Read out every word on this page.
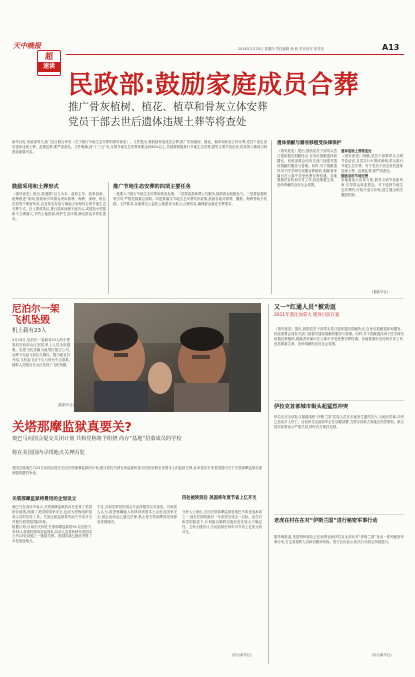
天中晚报
超
速读
2016年2月25日 星期四 责任编辑 杨 帆 责任校对 张亮亮	A13
民政部:鼓励家庭成员合葬
推广骨灰植树、植花、植草和骨灰立体安葬
党员干部去世后遗体违规土葬等将查处

新华社电 民政部等九部门近日联合印发《关于推行节地生态安葬的指导意见》。文件提出,要鼓励家庭成员合葬,推广骨灰植树、植花、植草和骨灰立体安葬;党员干部去世后遗体违规土葬、乱埋乱葬,要严肃查处。文件明确,到“十三五”末,全国节地生态安葬率要达到40%以上,各地要积极推行节地生态安葬,倡导文明节俭治丧,将其纳入精神文明建设重要内容。

鼓励采用和土葬形式

《指导意见》指出,要遵循“以人为本、政府主导、改革创新、统筹推进”原则,鼓励和引导群众采用树葬、海葬、深埋、格位存放等不保留骨灰,以及骨灰存放与墓地占用相结合的节地生态安葬方式。在土葬改革区,推行遗体深埋不留坟头,或建造小型墓和不立碑墓穴,节约土地资源,保护生态环境,满足群众多样化需求。

推广节地生态安葬的四项主要任务

一是要大力推行节地生态安葬和骨灰处理。二是要改善殡葬公共服务,鼓励群众积极参与。三是要加强规划引导,严格控制墓位面积。四是要落实节地生态安葬奖补政策,鼓励各地对树葬、撒散、海葬等给予奖励。文件要求,各地要以公益性公墓建设为重点,合理布局,确保群众就近安葬需求。

遗体捐献与器官移植受法律保护

《指导意见》提出,鼓励党员干部带头签订遗体器官捐献协议,在身后捐献遗体和器官。民政部要会同有关部门加强对遗体捐献的服务与管理。同时,对于捐献遗体用于医学研究和器官移植的,捐献者家属可在公墓中享受免费安葬待遇。各地要做好宣传和引导工作,营造尊重生命、崇尚奉献的良好社会氛围。

遗体违规土葬将查处

《指导意见》明确,党员干部要带头文明节俭治丧,自觉实行火葬或深埋,带头推行节地生态安葬。对于党员干部去世后遗体违规土葬、乱埋乱葬,要严肃查处。

鼓励采用节地安葬

各地要加大宣传力度,倡导文明节俭新风尚,引导群众转变观念。对于选择节地生态安葬的,可给予适当补贴,建立健全相关激励机制。

(据新华社)
尼泊尔一架飞机坠毁
机上载有23人

3月24日,尼泊尔一架载有23人的小型客机在西部山区坠毁,机上人员全部遇难。坠毁飞机隶属当地塔拉航空公司,从博卡拉起飞前往久姆拉。据当地官员介绍,飞机起飞后不久与塔台失去联系,搜救人员随后在山区发现了飞机残骸。

(据新华社)
关塔那摩监狱真要关?
奥巴马向国会提交关闭计划 共和党称将予阻挠 尚存“基地”招募成员的学校
将在美国国内寻找地点关押囚犯

美国总统奥巴马23日向国会提交关闭关塔那摩监狱的计划,建议将仍关押在该监狱的部分囚犯转移至美国本土的监狱关押,此举再次引发美国国内关于关塔那摩监狱存废问题的激烈争论。

关塔那摩监狱将费用的企划设立

奥巴马在讲话中表示,关塔那摩监狱的存在违背了美国的价值观,削弱了美国的国家安全,也成为恐怖组织招募人员的宣传工具。关闭这座监狱将有助于节省开支并提升美国的国际形象。

根据计划,目前仍关押在关塔那摩监狱的91名囚犯中,有35人将被转移到其他国家,其余人员将转移至美国本土约13处设施之一继续关押。美国防部已就此考察了多处备选地点。

不过,共和党掌控的国会对此持强烈反对意见。共和党人认为,将恐怖嫌疑人转移到美国本土会危及国家安全,国会此前也已通过法律,禁止将关塔那摩囚犯转移至美国境内。

四处被转到后 美国将年度节省上亿开支

分析人士指出,关闭关塔那摩监狱是奥巴马的竞选承诺之一,他在任期的最后一年希望完成这一目标。但在共和党的阻挠下,计划能否顺利实施仍存在较大不确定性。五角大楼估计,关闭监狱后每年可节省上亿美元的开支。

(综合新华社)
又一“红通人员”被劝返
2011年逃往加拿大 埋身目前在案

《指导意见》提出,鼓励党员干部带头签订遗体器官捐献协议,在身后捐献遗体和器官。民政部要会同有关部门加强对遗体捐献的服务与管理。同时,对于捐献遗体用于医学研究和器官移植的,捐献者家属可在公墓中享受免费安葬待遇。各地要做好宣传和引导工作,营造尊重生命、崇尚奉献的良好社会氛围。

伊拉克首部城市街头起猛烈冲突

伊拉克安全部队与极端组织“伊斯兰国”武装人员在多地发生激烈交火,当地官员称,冲突已造成多人伤亡。目前伊拉克政府军正在加紧部署,力图夺回被占领地区的控制权。联合国对局势表示严重关切,呼吁各方保持克制。

老虎在村在在对“伊斯兰国”进行秘密军事行动

据外媒报道,美国特种部队已在叙利亚和伊拉克北部针对“伊斯兰国”发动一系列秘密军事行动,打击其指挥人员和后勤补给线。美方官员表示,相关行动将会持续进行。

(综合新华社)
